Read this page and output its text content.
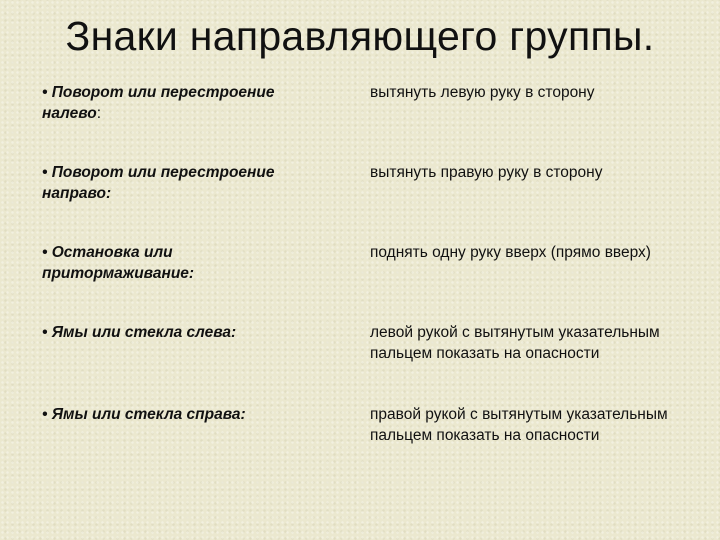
Знаки направляющего группы.
• Поворот или перестроение налево:
вытянуть левую руку в сторону
• Поворот или перестроение направо:
вытянуть правую руку в сторону
• Остановка или притормаживание:
поднять одну руку вверх (прямо вверх)
• Ямы или стекла слева:	левой рукой с вытянутым указательным пальцем показать на опасности
• Ямы или стекла справа:	правой рукой с вытянутым указательным пальцем показать на опасности
